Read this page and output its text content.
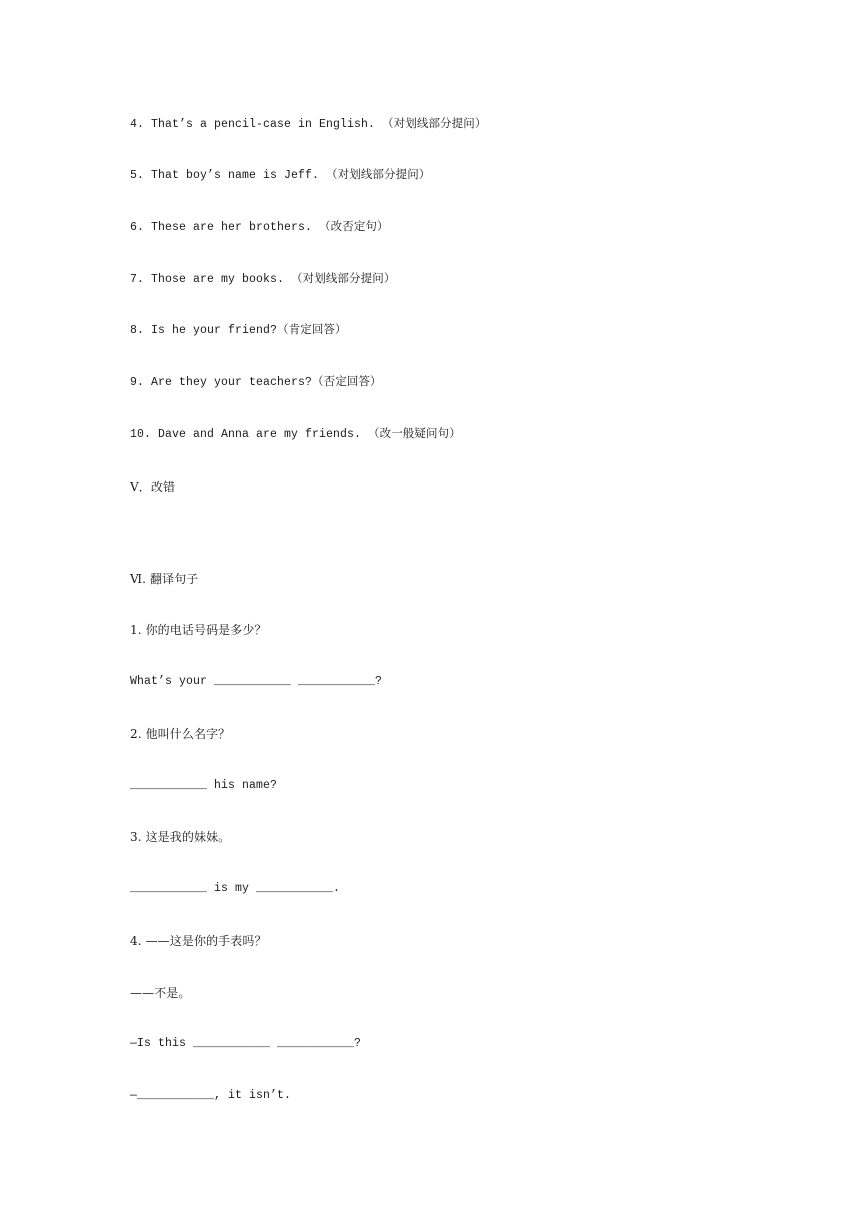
4. That’s a pencil-case in English. （对划线部分提问）
5. That boy’s name is Jeff. （对划线部分提问）
6. These are her brothers. （改否定句）
7. Those are my books. （对划线部分提问）
8. Is he your friend?（肯定回答）
9. Are they your teachers?（否定回答）
10. Dave and Anna are my friends. （改一般疑问句）
Ⅴ．改错
Ⅵ. 翻译句子
1. 你的电话号码是多少？
What’s your ___________ ___________?
2. 他叫什么名字？
___________ his name?
3. 这是我的妹妹。
___________ is my ___________.
4. ——这是你的手表吗？
——不是。
—Is this ___________ ___________?
—___________, it isn’t.
